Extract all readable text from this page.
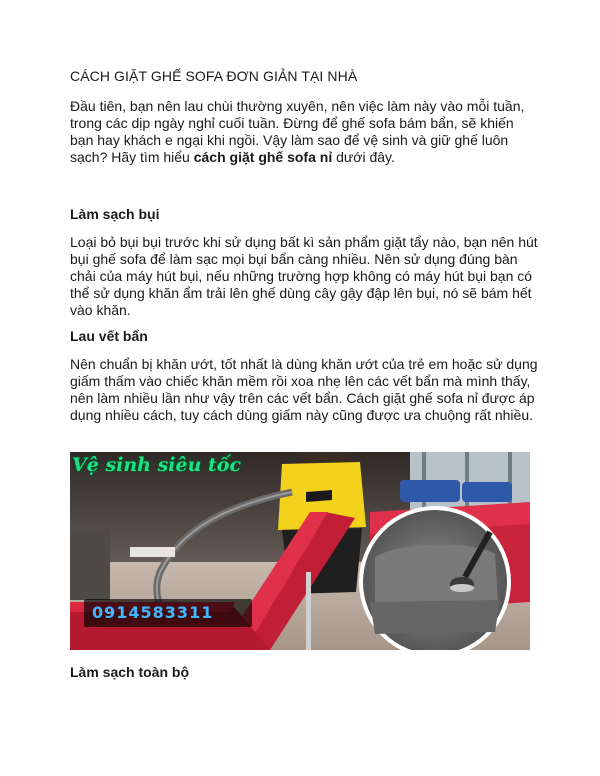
CÁCH GIẶT GHẾ SOFA ĐƠN GIẢN TẠI NHÀ
Đầu tiên, bạn nên lau chùi thường xuyên, nên việc làm này vào mỗi tuần, trong các dịp ngày nghỉ cuối tuần. Đừng để ghế sofa bám bẩn, sẽ khiến bạn hay khách e ngại khi ngồi. Vậy làm sao để vệ sinh và giữ ghế luôn sạch? Hãy tìm hiểu cách giặt ghế sofa nỉ dưới đây.
Làm sạch bụi
Loại bỏ bụi bụi trước khi sử dụng bất kì sản phẩm giặt tẩy nào, bạn nên hút bụi ghế sofa để làm sạc mọi bụi bẩn càng nhiều. Nên sử dụng đúng bàn chải của máy hút bụi, nếu những trường hợp không có máy hút bụi bạn có thể sử dụng khăn ẩm trải lên ghế dùng cây gậy đập lên bụi, nó sẽ bám hết vào khăn.
Lau vết bẩn
Nên chuẩn bị khăn ướt, tốt nhất là dùng khăn ướt của trẻ em hoặc sử dụng giấm thấm vào chiếc khăn mềm rồi xoa nhẹ lên các vết bẩn mà mình thấy, nên làm nhiều lần như vậy trên các vết bẩn. Cách giặt ghế sofa nỉ được áp dụng nhiều cách, tuy cách dùng giấm này cũng được ưa chuộng rất nhiều.
Vệ sinh siêu tốc
0914583311
Làm sạch toàn bộ
